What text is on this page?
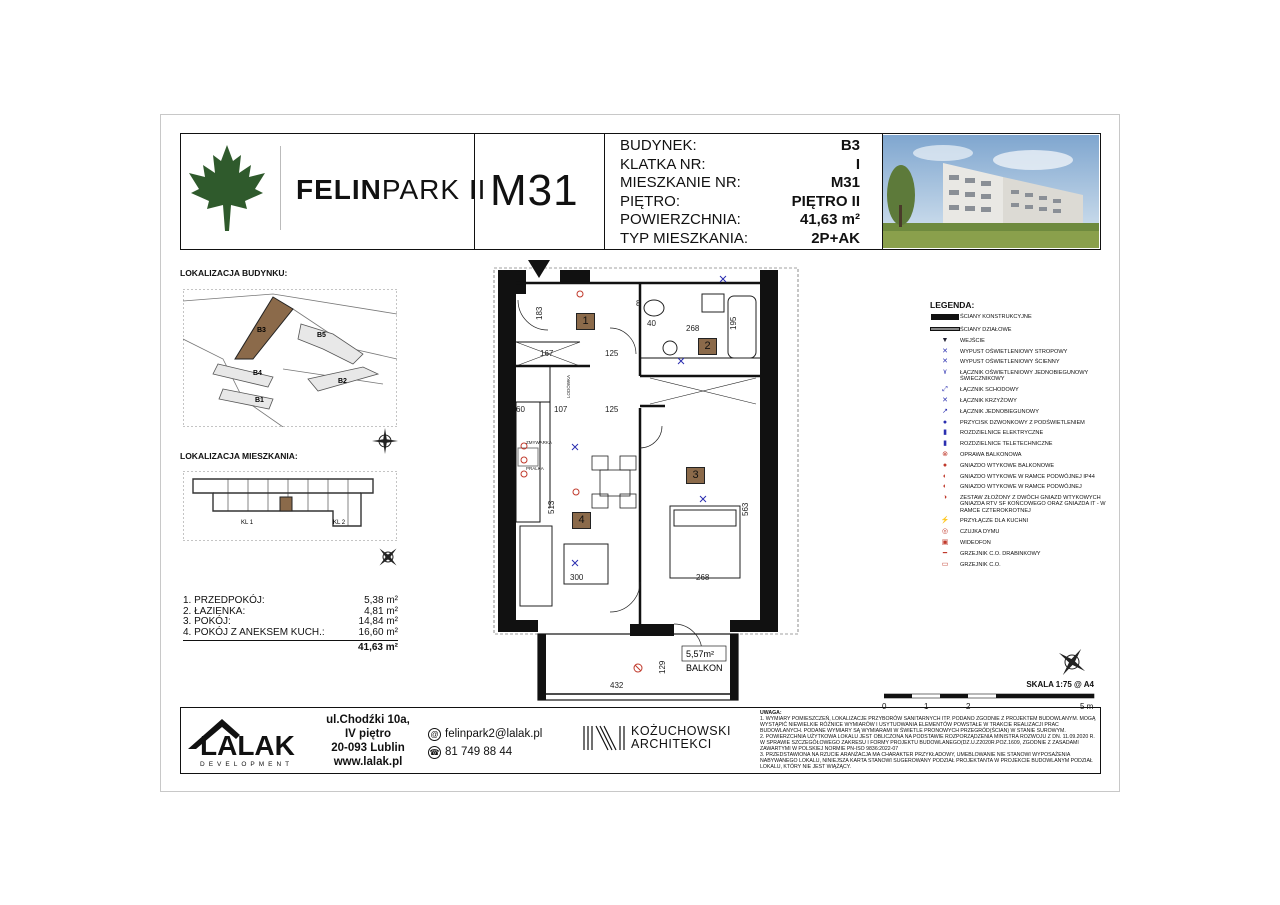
FELINPARK II M31
BUDYNEK:	B3
KLATKA NR:	I
MIESZKANIE NR:	M31
PIĘTRO:	PIĘTRO II
POWIERZCHNIA:	41,63 m²
TYP MIESZKANIA:	2P+AK
LOKALIZACJA BUDYNKU:
B3
B5
B4
B1
B2
LOKALIZACJA MIESZKANIA:
KL 1	KL 2
1. PRZEDPOKÓJ:	5,38 m²
2. ŁAZIENKA:	4,81 m²
3. POKÓJ:	14,84 m²
4. POKÓJ Z ANEKSEM KUCH.:	16,60 m²
41,63 m²
183
268	195
167	125
107	125
60
513	563
300	268
432
129
8
40
ZMYWARKA
LODÓWKA
PRALKA
5,57m²
BALKON
1
2
3
4
LEGENDA:
ŚCIANY KONSTRUKCYJNE
ŚCIANY DZIAŁOWE
▼	WEJŚCIE
✕	WYPUST OŚWIETLENIOWY STROPOWY
✕	WYPUST OŚWIETLENIOWY ŚCIENNY
٧	ŁĄCZNIK OŚWIETLENIOWY JEDNOBIEGUNOWY ŚWIECZNIKOWY
⤢	ŁĄCZNIK SCHODOWY
✕	ŁĄCZNIK KRZYŻOWY
↗	ŁĄCZNIK JEDNOBIEGUNOWY
●	PRZYCISK DZWONKOWY Z PODŚWIETLENIEM
▮	ROZDZIELNICE ELEKTRYCZNE
▮	ROZDZIELNICE TELETECHNICZNE
⊗	OPRAWA BALKONOWA
●	GNIAZDO WTYKOWE BALKONOWE
◐	GNIAZDO WTYKOWE W RAMCE PODWÓJNEJ IP44
◐	GNIAZDO WTYKOWE W RAMCE PODWÓJNEJ
◑	ZESTAW ZŁOŻONY Z DWÓCH GNIAZD WTYKOWYCH GNIAZDA RTV SF KOŃCOWEGO ORAZ GNIAZDA IT - W RAMCE CZTEROKROTNEJ
⚡	PRZYŁĄCZE DLA KUCHNI
◎	CZUJKA DYMU
▣	WIDEOFON
━	GRZEJNIK C.O. DRABINKOWY
▭	GRZEJNIK C.O.
SKALA 1:75 @ A4
0	1	2	5 m
LALAK
DEVELOPMENT
ul.Chodźki 10a,
IV piętro
20-093 Lublin
www.lalak.pl
@ felinpark2@lalak.pl
☎ 81 749 88 44
KOŻUCHOWSKI
ARCHITEKCI
UWAGA:
1. WYMIARY POMIESZCZEŃ, LOKALIZACJE PRZYBORÓW SANITARNYCH ITP. PODANO ZGODNIE Z PROJEKTEM BUDOWLANYM. MOGĄ WYSTĄPIĆ NIEWIELKIE RÓŻNICE WYMIARÓW I USYTUOWANIA ELEMENTÓW POWSTAŁE W TRAKCIE REALIZACJI PRAC BUDOWLANYCH. PODANE WYMIARY SĄ WYMIARAMI W ŚWIETLE PRONOWYCH PRZEGRÓD(ŚCIAN) W STANIE SUROWYM.
2. POWIERZCHNIA UŻYTKOWA LOKALU JEST OBLICZONA NA PODSTAWIE ROZPORZĄDZENIA MINISTRA ROZWOJU Z DN. 11.09.2020 R. W SPRAWIE SZCZEGÓŁOWEGO ZAKRESU I FORMY PROJEKTU BUDOWLANEGO(DZ.U.Z2020R.POZ.1609, ZGODNIE Z ZASADAMI ZAWARTYMI W POLSKIEJ NORMIE PN-ISO 9836:2022-07
3. PRZEDSTAWIONA NA RZUCIE ARANŻACJA MA CHARAKTER PRZYKŁADOWY, UMEBLOWANIE NIE STANOWI WYPOSAŻENIA NABYWANEGO LOKALU, NINIEJSZA KARTA STANOWI SUGEROWANY PODZIAŁ PROJEKTANTA W PROJEKCIE BUDOWLANYM PODZIAŁ LOKALU, KTÓRY NIE JEST WIĄŻĄCY.
